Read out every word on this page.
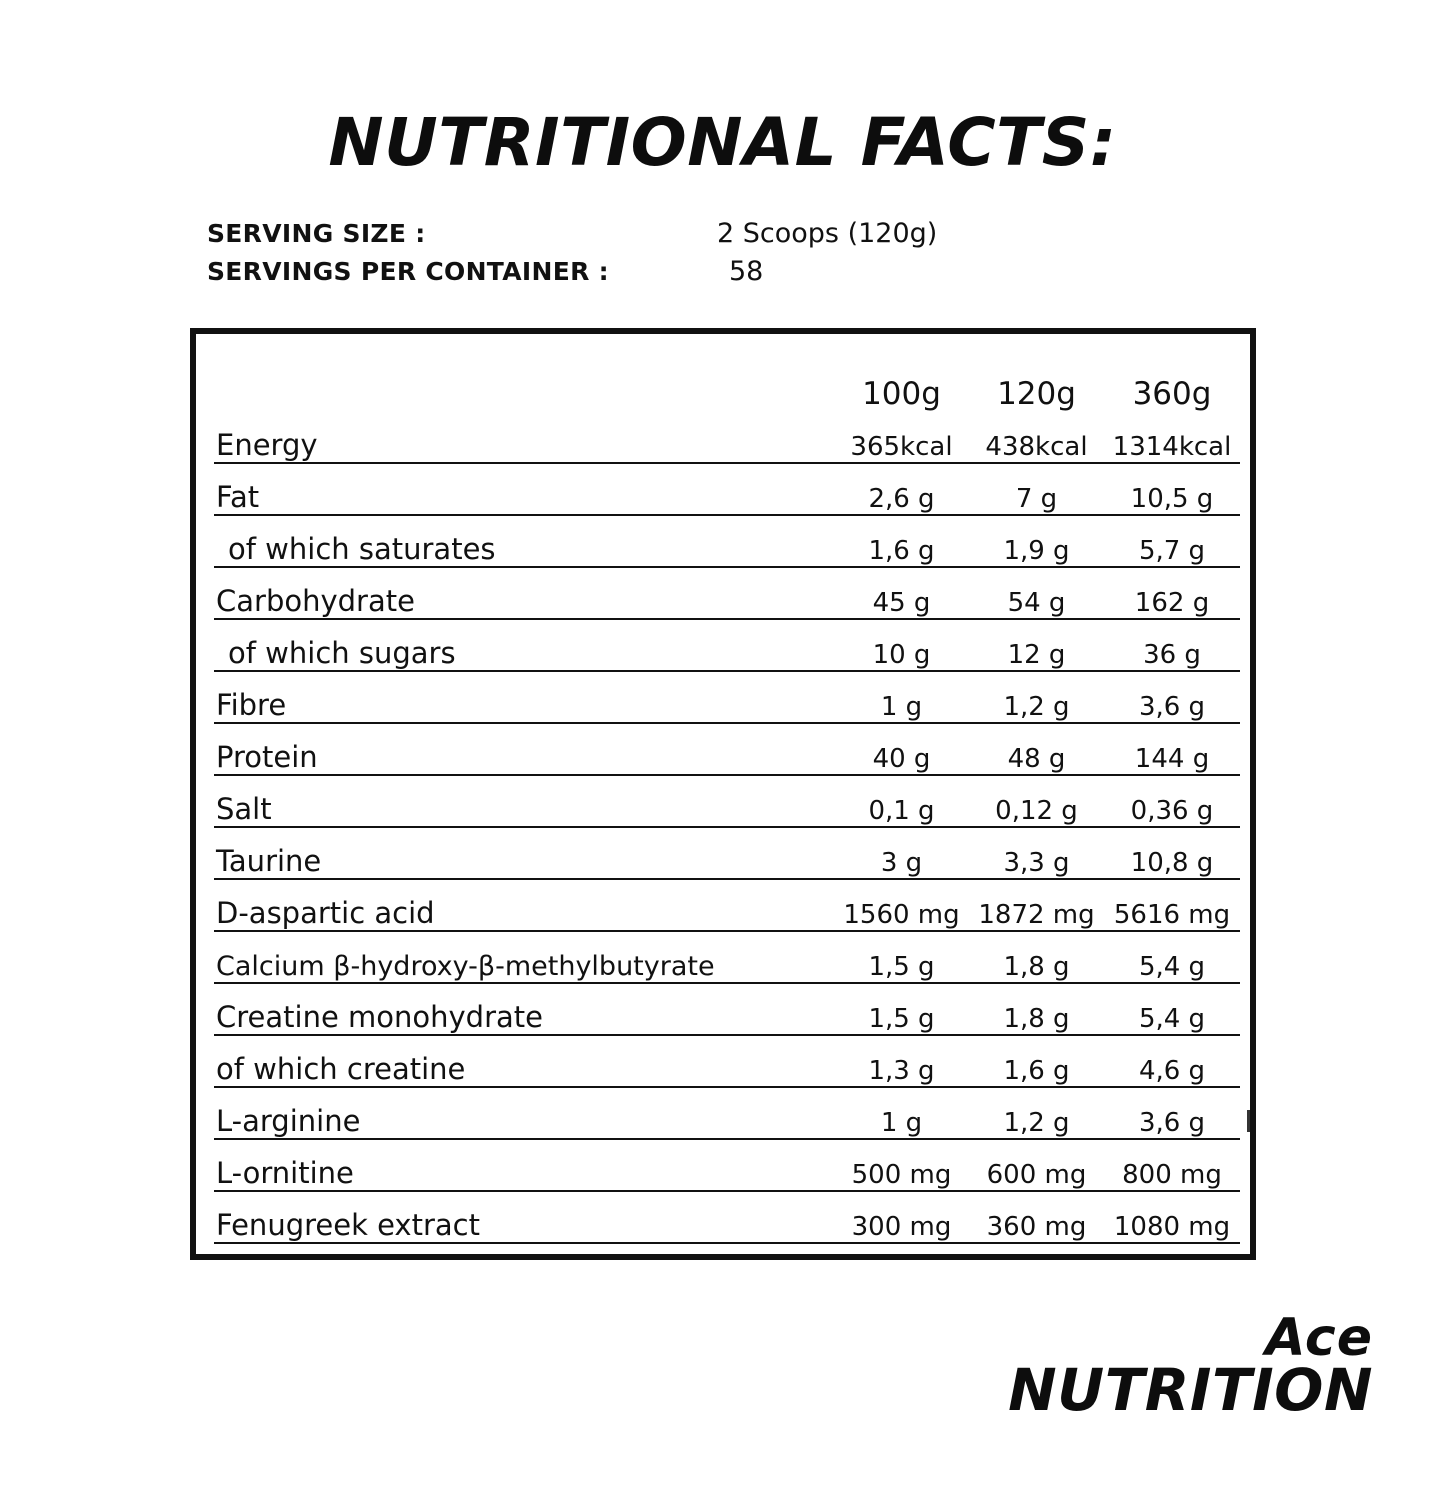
NUTRITIONAL FACTS:
SERVING SIZE :	2 Scoops (120g)
SERVINGS PER CONTAINER :	58
	100g	120g	360g
Energy	365kcal	438kcal	1314kcal
Fat	2,6 g	7 g	10,5 g
of which saturates	1,6 g	1,9 g	5,7 g
Carbohydrate	45 g	54 g	162 g
of which sugars	10 g	12 g	36 g
Fibre	1 g	1,2 g	3,6 g
Protein	40 g	48 g	144 g
Salt	0,1 g	0,12 g	0,36 g
Taurine	3 g	3,3 g	10,8 g
D-aspartic acid	1560 mg	1872 mg	5616 mg
Calcium β-hydroxy-β-methylbutyrate	1,5 g	1,8 g	5,4 g
Creatine monohydrate	1,5 g	1,8 g	5,4 g
of which creatine	1,3 g	1,6 g	4,6 g
L-arginine	1 g	1,2 g	3,6 g
L-ornitine	500 mg	600 mg	800 mg
Fenugreek extract	300 mg	360 mg	1080 mg
Ace
NUTRITION
